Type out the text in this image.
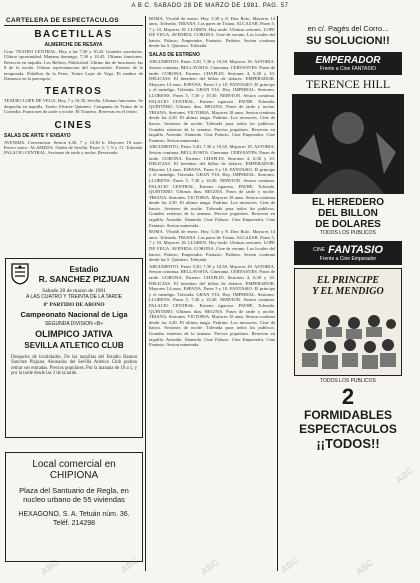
A B C. SABADO 28 DE MARZO DE 1981. PAG. 57
CARTELERA DE ESPECTACULOS
BACETILLAS
ALMERCHE DE RESAYA

Cruz. TEATRO CENTRAL. Hoy, a las 7,30 y 10,45. Grandes conciertos. Ultima oportunidad. Manana domingo, 7,30 y 10,45. Ultimas funciones. Reservas en taquilla. Los Belloto, Publicidad. Ultimo dia de funciones, las 8 de la noche. Ultima representacion del espectaculo. Estreno de la temporada. Pabellon de la Feria. Teatro Lope de Vega. El tambor de Damasco en la parroquia.

TEATROS

TEATRO LOPE DE VEGA. Hoy, 7 y 10,30. Sevilla. Ultimas funciones. Se despacha en taquilla. Teatro Alvarez Quintero. Compania de Teatro de la Comedia. Funciones de tarde y noche. El Trianero. Reservas en el teatro.

CINES
SALAS DE ARTE Y ENSAYO

AVENIDA. Convencion. Sesion 4,30, 7 y 10,30 h. Mayores 18 anos. Precio unico. ALAMEDA. Orden de Sevilla. Pases 5, 7, 9 y 11. Tolerada. PALACIO CENTRAL. Sesiones de tarde y noche. Reservado.

Estadio
R. SANCHEZ PIZJUAN
Sabado 28 de marzo de 1981
A LAS CUATRO Y TREINTA DE LA TARDE
8º PARTIDO DE ABONO
Campeonato Nacional de Liga
SEGUNDA DIVISION «B»
OLIMPICO JATIVA
SEVILLA ATLETICO CLUB
Despacho de localidades. De las taquillas del Estadio Ramon Sanchez Pizjuan. Abonados del Sevilla Atletico Club podran retirar sus entradas. Precios populares. Por la manana de 10 a 1, y por la tarde desde las 3 de la tarde.
Local comercial en
CHIPIONA
Plaza del Santuario de Regla, en nucleo urbano de 55 viviendas
HEXAGONO, S. A. Tetuán núm. 36. Teléf. 214298

ROMA. Vivaldi de enero. Hoy, 5,30 y 8. Don Rolo. Mayores 14 anos. Tolerado. TRIANA. Las pares de Triana. ALCAZAR. Pases 5, 7 y 10. Mayores 18. LLOREN. Hoy tarde. Ultimas sesiones. LOPE DE VEGA. AVENIDA. CORONA. Cine de verano. Los locales del barrio. Palacio, Emperador. Fantasio. Padrino. Sesion continua desde las 5. Quintero. Tolerada.

SALAS DE ESTRENO

ARGUMENTO. Pases 5,30, 7,30 y 10,30. Mayores 18. ASTORIA. Sesion continua. BELLAVISTA. Cinerama. CERVANTES. Pases de tarde. CORONA. Estreno. CHAPLIN. Sesiones 4, 6,30 y 10. DELICIAS. El heredero del billon de dolares. EMPERADOR. Mayores 14 anos. ESPANA. Pases 5 y 10. FANTASIO. El principe y el mendigo. Tolerada. GRAN VIA. Hoy. IMPERIAL. Sesiones. LLORENS. Pases 5, 7,30 y 10,30. NERVION. Sesion continua. PALACIO CENTRAL. Estreno riguroso. PATHE. Tolerada. QUINTERO. Ultimos dias. REGINA. Pases de tarde y noche. TRIANA. Sesiones. VICTORIA. Mayores 18 anos. Sesion continua desde las 4,30. El ultimo tango. Padrino. Los invasores. Cine de barrio. Sesiones de noche. Tolerada para todos los publicos. Grandes estrenos de la semana. Precios populares. Reservas en taquilla. Avenida. Alameda. Cine Palacio. Cine Emperador. Cine Fantasio. Sesion numerada.

ARGUMENTO. Pases 5,30, 7,30 y 10,30. Mayores 18. ASTORIA. Sesion continua. BELLAVISTA. Cinerama. CERVANTES. Pases de tarde. CORONA. Estreno. CHAPLIN. Sesiones 4, 6,30 y 10. DELICIAS. El heredero del billon de dolares. EMPERADOR. Mayores 14 anos. ESPANA. Pases 5 y 10. FANTASIO. El principe y el mendigo. Tolerada. GRAN VIA. Hoy. IMPERIAL. Sesiones. LLORENS. Pases 5, 7,30 y 10,30. NERVION. Sesion continua. PALACIO CENTRAL. Estreno riguroso. PATHE. Tolerada. QUINTERO. Ultimos dias. REGINA. Pases de tarde y noche. TRIANA. Sesiones. VICTORIA. Mayores 18 anos. Sesion continua desde las 4,30. El ultimo tango. Padrino. Los invasores. Cine de barrio. Sesiones de noche. Tolerada para todos los publicos. Grandes estrenos de la semana. Precios populares. Reservas en taquilla. Avenida. Alameda. Cine Palacio. Cine Emperador. Cine Fantasio. Sesion numerada.

ROMA. Vivaldi de enero. Hoy, 5,30 y 8. Don Rolo. Mayores 14 anos. Tolerado. TRIANA. Las pares de Triana. ALCAZAR. Pases 5, 7 y 10. Mayores 18. LLOREN. Hoy tarde. Ultimas sesiones. LOPE DE VEGA. AVENIDA. CORONA. Cine de verano. Los locales del barrio. Palacio, Emperador. Fantasio. Padrino. Sesion continua desde las 5. Quintero. Tolerada.

ARGUMENTO. Pases 5,30, 7,30 y 10,30. Mayores 18. ASTORIA. Sesion continua. BELLAVISTA. Cinerama. CERVANTES. Pases de tarde. CORONA. Estreno. CHAPLIN. Sesiones 4, 6,30 y 10. DELICIAS. El heredero del billon de dolares. EMPERADOR. Mayores 14 anos. ESPANA. Pases 5 y 10. FANTASIO. El principe y el mendigo. Tolerada. GRAN VIA. Hoy. IMPERIAL. Sesiones. LLORENS. Pases 5, 7,30 y 10,30. NERVION. Sesion continua. PALACIO CENTRAL. Estreno riguroso. PATHE. Tolerada. QUINTERO. Ultimos dias. REGINA. Pases de tarde y noche. TRIANA. Sesiones. VICTORIA. Mayores 18 anos. Sesion continua desde las 4,30. El ultimo tango. Padrino. Los invasores. Cine de barrio. Sesiones de noche. Tolerada para todos los publicos. Grandes estrenos de la semana. Precios populares. Reservas en taquilla. Avenida. Alameda. Cine Palacio. Cine Emperador. Cine Fantasio. Sesion numerada.

en c/. Pagés del Corro...
SU SOLUCION!!
EMPERADOR
Frente a Cine FANTASIO
TERENCE HILL
EL HEREDERO
DEL BILLON
DE DOLARES
TODOS LOS PUBLICOS
CINE FANTASIO
Frente a Cine Emperador
EL PRINCIPE
Y EL MENDIGO
TODOS LOS PUBLICOS
2
FORMIDABLES
ESPECTACULOS
¡¡TODOS!!
ABC	ABC	ABC	ABC	ABC
ABC
